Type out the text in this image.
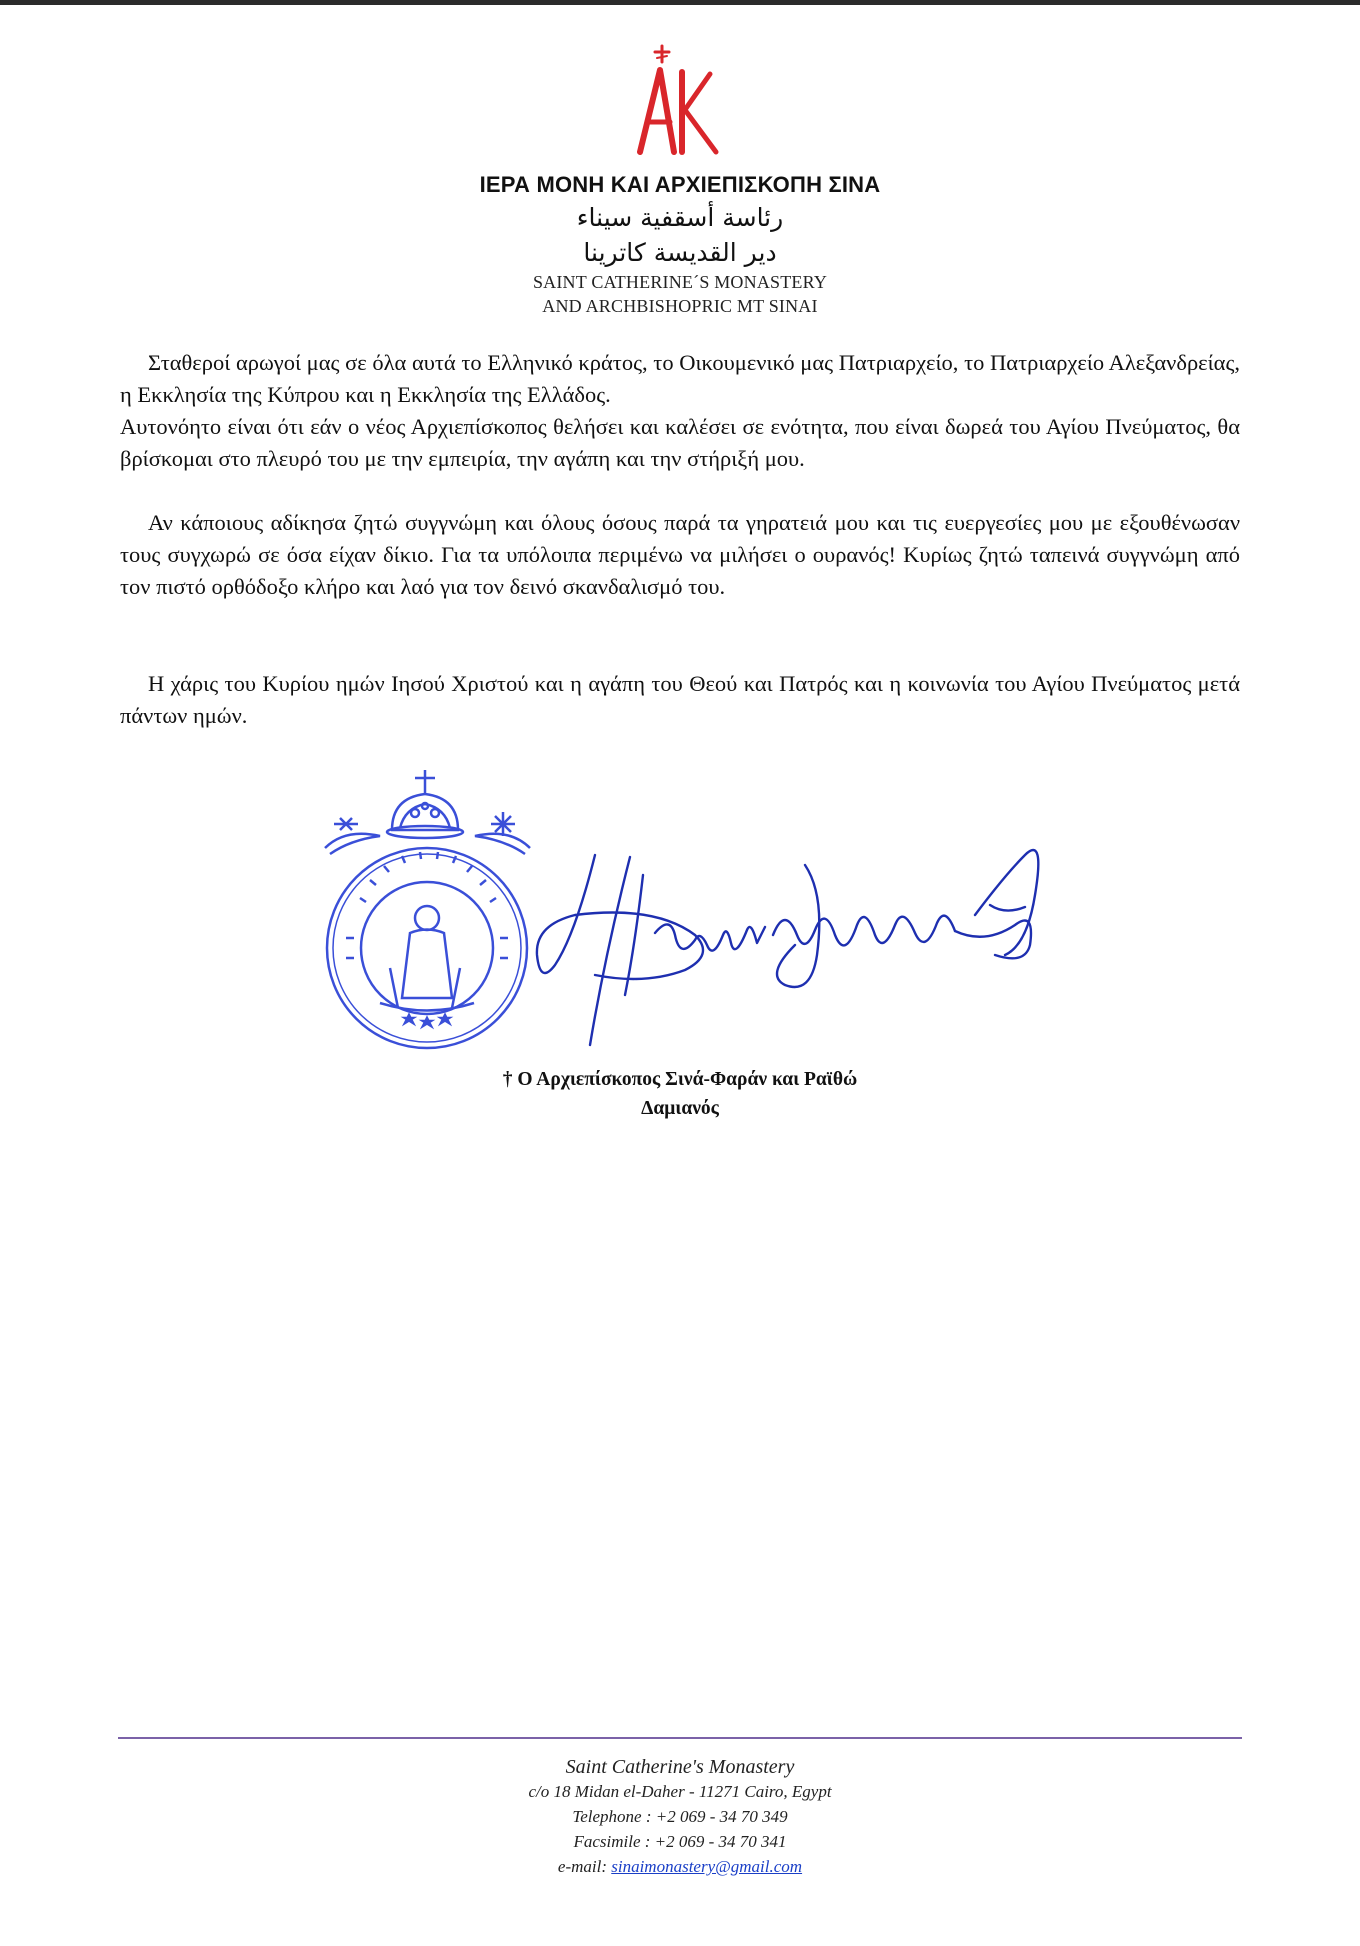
ΙΕΡΑ ΜΟΝΗ ΚΑΙ ΑΡΧΙΕΠΙΣΚΟΠΗ ΣΙΝΑ
رئاسة أسقفية سيناء
دير القديسة كاترينا
SAINT CATHERINE´S MONASTERY
AND ARCHBISHOPRIC MT SINAI

Σταθεροί αρωγοί μας σε όλα αυτά το Ελληνικό κράτος, το Οικουμενικό μας Πατριαρχείο, το Πατριαρχείο Αλεξανδρείας, η Εκκλησία της Κύπρου και η Εκκλησία της Ελλάδος.

Αυτονόητο είναι ότι εάν ο νέος Αρχιεπίσκοπος θελήσει και καλέσει σε ενότητα, που είναι δωρεά του Αγίου Πνεύματος, θα βρίσκομαι στο πλευρό του με την εμπειρία, την αγάπη και την στήριξή μου.

Αν κάποιους αδίκησα ζητώ συγγνώμη και όλους όσους παρά τα γηρατειά μου και τις ευεργεσίες μου με εξουθένωσαν τους συγχωρώ σε όσα είχαν δίκιο. Για τα υπόλοιπα περιμένω να μιλήσει ο ουρανός! Κυρίως ζητώ ταπεινά συγγνώμη από τον πιστό ορθόδοξο κλήρο και λαό για τον δεινό σκανδαλισμό του.

Η χάρις του Κυρίου ημών Ιησού Χριστού και η αγάπη του Θεού και Πατρός και η κοινωνία του Αγίου Πνεύματος μετά πάντων ημών.

† Ο Αρχιεπίσκοπος Σινά-Φαράν και Ραϊθώ
Δαμιανός
Saint Catherine's Monastery
c/o 18 Midan el-Daher - 11271 Cairo, Egypt
Telephone : +2 069 - 34 70 349
Facsimile : +2 069 - 34 70 341
e-mail: sinaimonastery@gmail.com
